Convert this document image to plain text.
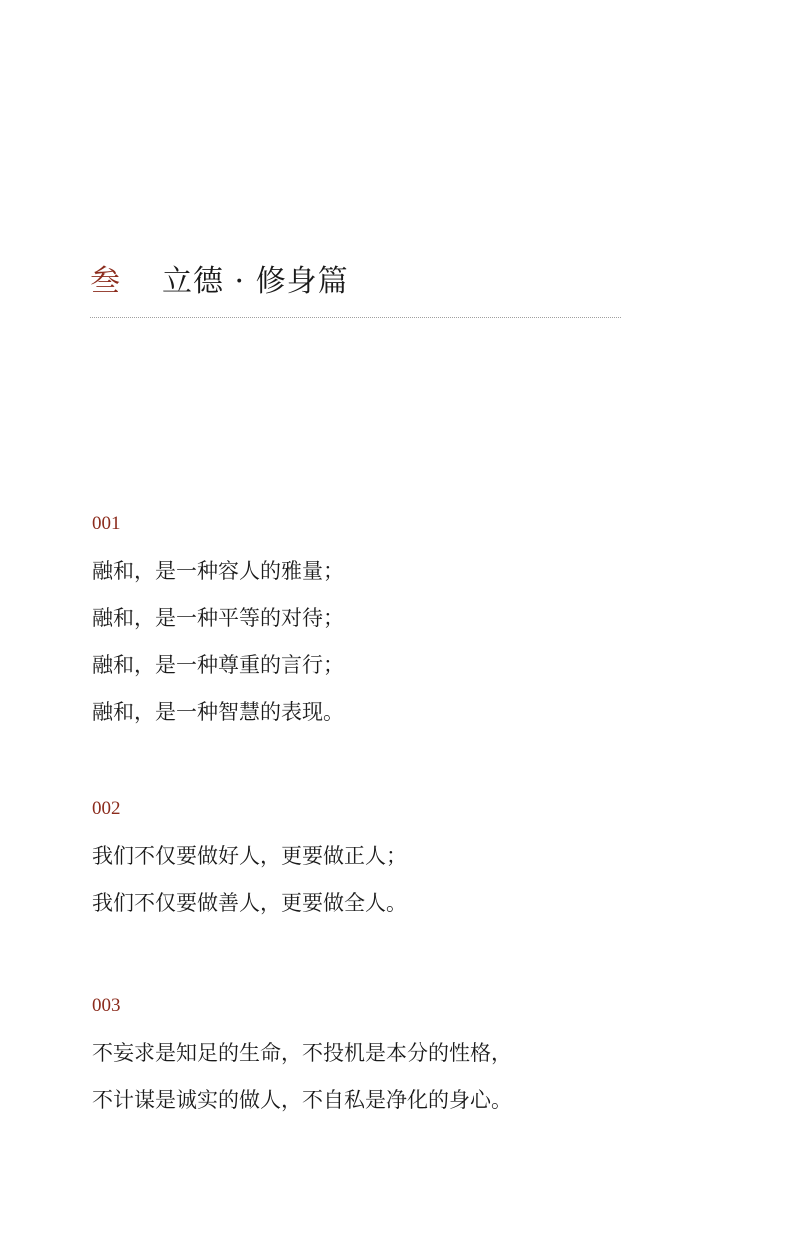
叁 立德 · 修身篇
001

融和，是一种容人的雅量；

融和，是一种平等的对待；

融和，是一种尊重的言行；

融和，是一种智慧的表现。

002

我们不仅要做好人，更要做正人；

我们不仅要做善人，更要做全人。

003

不妄求是知足的生命，不投机是本分的性格，

不计谋是诚实的做人，不自私是净化的身心。
